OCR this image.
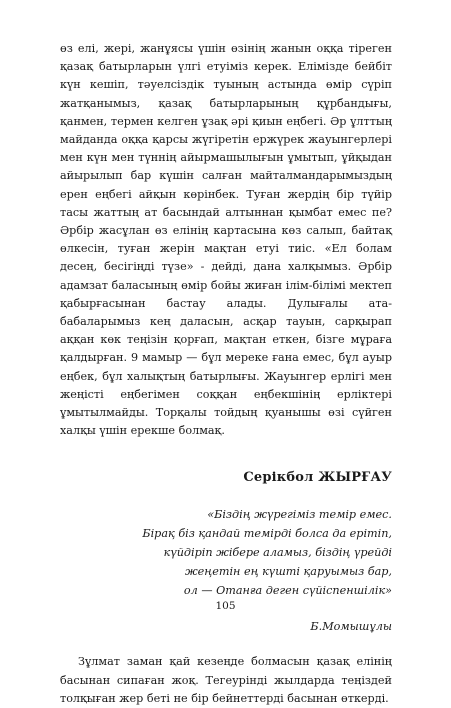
өз елі, жері, жанұясы үшін өзінің жанын оққа тіреген қазақ батырларын үлгі етуіміз керек. Елімізде бейбіт күн кешіп, тәуелсіздік туының астында өмір сүріп жатқанымыз, қазақ батырларының құрбандығы, қанмен, термен келген ұзақ әрі қиын еңбегі. Әр ұлттың майданда оққа қарсы жүгіретін ержүрек жауынгерлері мен күн мен түннің айырмашылығын ұмытып, ұйқыдан айырылып бар күшін салған майталмандарымыздың ерен еңбегі айқын көрінбек. Туған жердің бір түйір тасы жаттың ат басындай алтыннан қымбат емес пе? Әрбір жасұлан өз елінің картасына көз салып, байтақ өлкесін, туған жерін мақтан етуі тиіс. «Ел болам десең, бесігіңді түзе» - дейді, дана халқымыз. Әрбір адамзат баласының өмір бойы жиған ілім-білімі мектеп қабырғасынан бастау алады. Дулығалы ата-бабаларымыз кең даласын, асқар тауын, сарқырап аққан көк теңізін қорғап, мақтан еткен, бізге мұраға қалдырған. 9 мамыр — бұл мереке ғана емес, бұл ауыр еңбек, бұл халықтың батырлығы. Жауынгер ерлігі мен жеңісті еңбегімен соққан еңбекшінің ерліктері ұмытылмайды. Торқалы тойдың қуанышы өзі сүйген халқы үшін ерекше болмақ.

Серікбол ЖЫРҒАУ
«Біздің жүрегіміз темір емес.
Бірақ біз қандай темірді болса да ерітіп,
күйдіріп жібере аламыз, біздің үрейді
жеңетін ең күшті қаруымыз бар,
ол — Отанға деген сүйіспеншілік»
Б.Момышұлы

Зұлмат заман қай кезеңде болмасын қазақ елінің басынан сипаған жоқ. Тегеурінді жылдарда теңіздей толқыған жер беті не бір бейнеттерді басынан өткерді.

105
